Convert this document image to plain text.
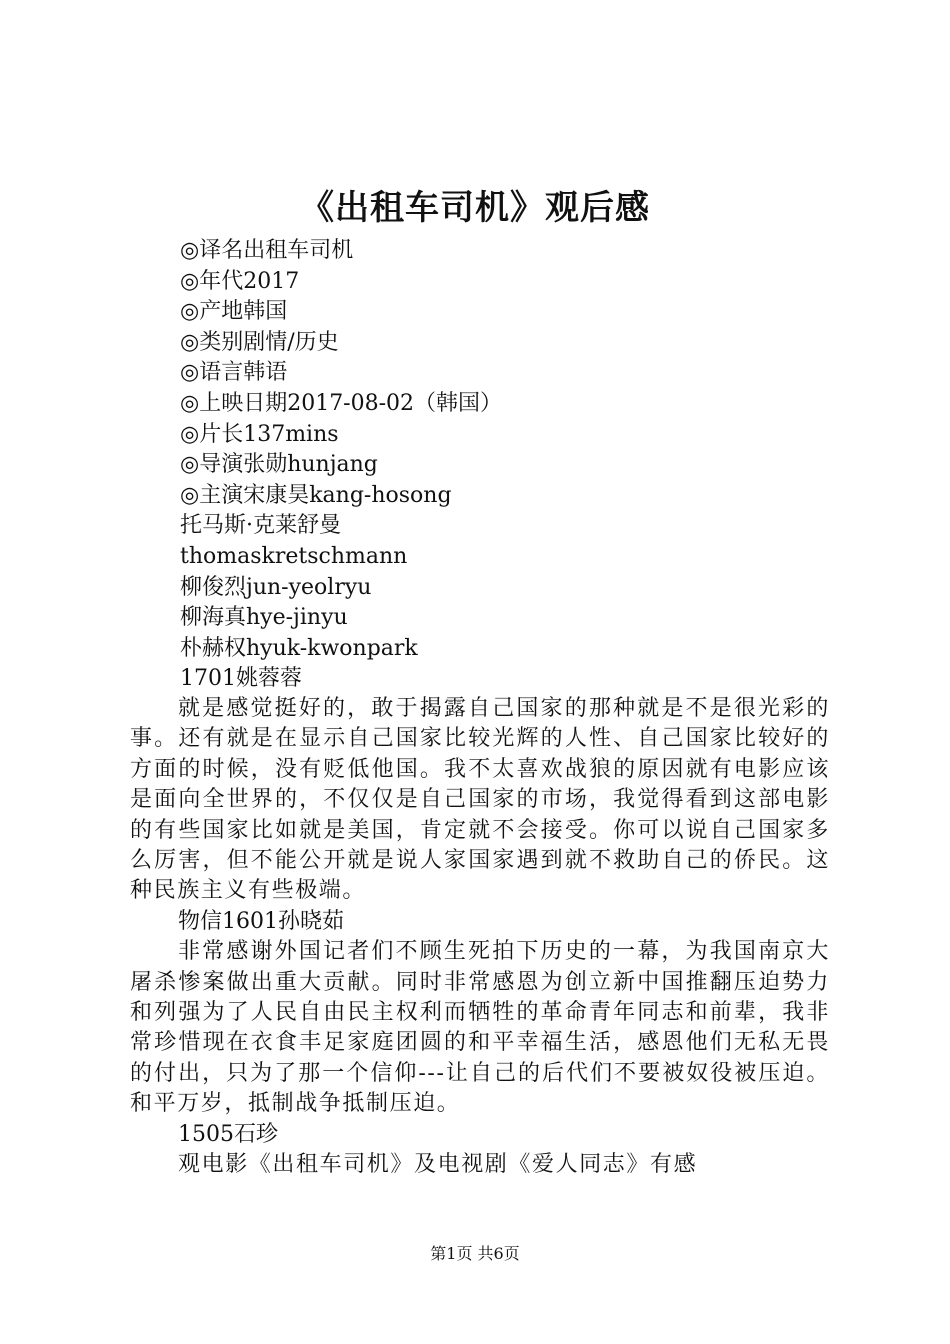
《出租车司机》观后感
◎译名出租车司机
◎年代2017
◎产地韩国
◎类别剧情/历史
◎语言韩语
◎上映日期2017-08-02（韩国）
◎片长137mins
◎导演张勋hunjang
◎主演宋康昊kang-hosong
托马斯·克莱舒曼
thomaskretschmann
柳俊烈jun-yeolryu
柳海真hye-jinyu
朴赫权hyuk-kwonpark
1701姚蓉蓉

就是感觉挺好的，敢于揭露自己国家的那种就是不是很光彩的事。还有就是在显示自己国家比较光辉的人性、自己国家比较好的方面的时候，没有贬低他国。我不太喜欢战狼的原因就有电影应该是面向全世界的，不仅仅是自己国家的市场，我觉得看到这部电影的有些国家比如就是美国，肯定就不会接受。你可以说自己国家多么厉害，但不能公开就是说人家国家遇到就不救助自己的侨民。这种民族主义有些极端。

物信1601孙晓茹

非常感谢外国记者们不顾生死拍下历史的一幕，为我国南京大屠杀惨案做出重大贡献。同时非常感恩为创立新中国推翻压迫势力和列强为了人民自由民主权利而牺牲的革命青年同志和前辈，我非常珍惜现在衣食丰足家庭团圆的和平幸福生活，感恩他们无私无畏的付出，只为了那一个信仰---让自己的后代们不要被奴役被压迫。和平万岁，抵制战争抵制压迫。

1505石珍

观电影《出租车司机》及电视剧《爱人同志》有感

第1页 共6页
